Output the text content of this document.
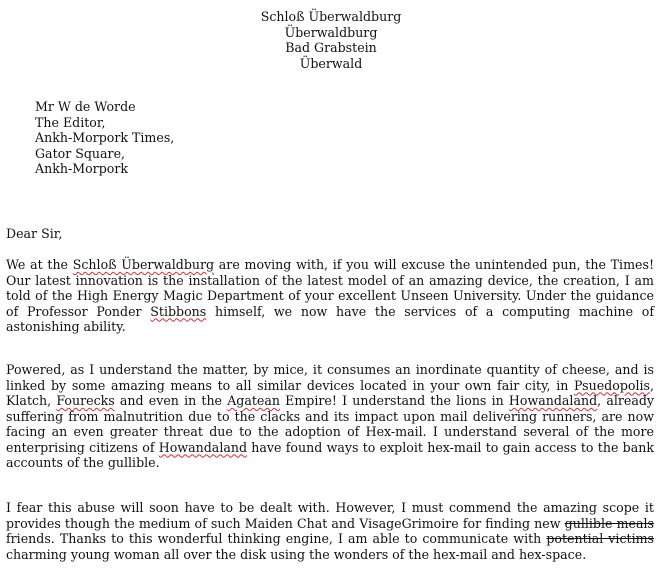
Schloß Überwaldburg
Überwaldburg
Bad Grabstein
Überwald
Mr W de Worde
The Editor,
Ankh-Morpork Times,
Gator Square,
Ankh-Morpork
Dear Sir,

We at the Schloß Überwaldburg are moving with, if you will excuse the unintended pun, the Times! Our latest innovation is the installation of the latest model of an amazing device, the creation, I am told of the High Energy Magic Department of your excellent Unseen University. Under the guidance of Professor Ponder Stibbons himself, we now have the services of a computing machine of astonishing ability.

Powered, as I understand the matter, by mice, it consumes an inordinate quantity of cheese, and is linked by some amazing means to all similar devices located in your own fair city, in Psuedopolis, Klatch, Fourecks and even in the Agatean Empire! I understand the lions in Howandaland, already suffering from malnutrition due to the clacks and its impact upon mail delivering runners, are now facing an even greater threat due to the adoption of Hex-mail. I understand several of the more enterprising citizens of Howandaland have found ways to exploit hex-mail to gain access to the bank accounts of the gullible.

I fear this abuse will soon have to be dealt with. However, I must commend the amazing scope it provides though the medium of such Maiden Chat and VisageGrimoire for finding new gullible meals friends. Thanks to this wonderful thinking engine, I am able to communicate with potential victims charming young woman all over the disk using the wonders of the hex-mail and hex-space.
